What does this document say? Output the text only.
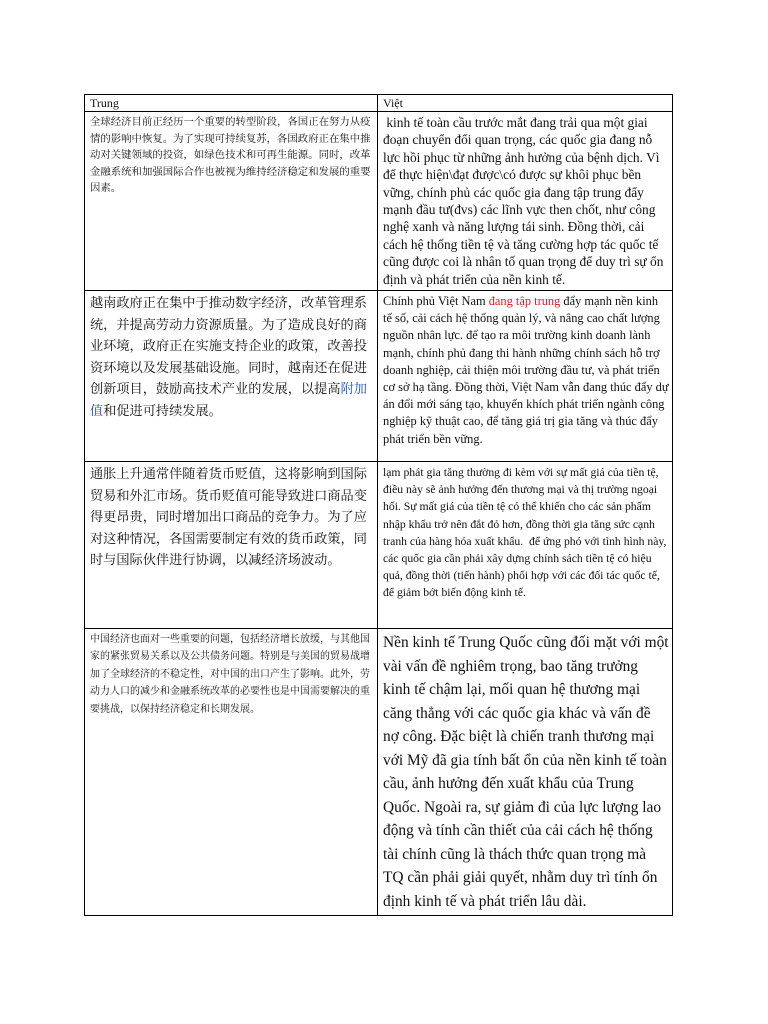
Trung	Việt
全球经济目前正经历一个重要的转型阶段，各国正在努力从疫情的影响中恢复。为了实现可持续复苏，各国政府正在集中推动对关键领域的投资，如绿色技术和可再生能源。同时，改革金融系统和加强国际合作也被视为维持经济稳定和发展的重要因素。	kinh tế toàn cầu trước mắt đang trải qua một giai đoạn chuyển đổi quan trọng, các quốc gia đang nỗ lực hồi phục từ những ảnh hưởng của bệnh dịch. Vì để thực hiện\đạt được\có được sự khôi phục bền vững, chính phủ các quốc gia đang tập trung đẩy mạnh đầu tư(đvs) các lĩnh vực then chốt, như công nghệ xanh và năng lượng tái sinh. Đồng thời, cải cách hệ thống tiền tệ và tăng cường hợp tác quốc tế cũng được coi là nhân tố quan trọng để duy trì sự ổn định và phát triển của nền kinh tế.
越南政府正在集中于推动数字经济，改革管理系统，并提高劳动力资源质量。为了造成良好的商业环境，政府正在实施支持企业的政策，改善投资环境以及发展基础设施。同时，越南还在促进创新项目，鼓励高技术产业的发展，以提高附加值和促进可持续发展。	Chính phủ Việt Nam đang tập trung đẩy mạnh nền kinh tế số, cải cách hệ thống quản lý, và nâng cao chất lượng nguồn nhân lực. để tạo ra môi trường kinh doanh lành mạnh, chính phủ đang thi hành những chính sách hỗ trợ doanh nghiệp, cải thiện môi trường đầu tư, và phát triển cơ sở hạ tầng. Đồng thời, Việt Nam vẫn đang thúc đẩy dự án đổi mới sáng tạo, khuyến khích phát triển ngành công nghiệp kỹ thuật cao, để tăng giá trị gia tăng và thúc đẩy phát triển bền vững.
通胀上升通常伴随着货币贬值，这将影响到国际贸易和外汇市场。货币贬值可能导致进口商品变得更昂贵，同时增加出口商品的竞争力。为了应对这种情况，各国需要制定有效的货币政策，同时与国际伙伴进行协调，以减经济场波动。	lạm phát gia tăng thường đi kèm với sự mất giá của tiền tệ, điều này sẽ ảnh hưởng đến thương mại và thị trường ngoại hối. Sự mất giá của tiền tệ có thể khiến cho các sản phẩm nhập khẩu trở nên đắt đỏ hơn, đồng thời gia tăng sức cạnh tranh của hàng hóa xuất khẩu.  để ứng phó với tình hình này, các quốc gia cần phải xây dựng chính sách tiền tệ có hiệu quả, đồng thời (tiến hành) phối hợp với các đối tác quốc tế, để giảm bớt biến động kinh tế.
中国经济也面对一些重要的问题，包括经济增长放缓，与其他国家的紧张贸易关系以及公共债务问题。特别是与美国的贸易战增加了全球经济的不稳定性，对中国的出口产生了影响。此外，劳动力人口的减少和金融系统改革的必要性也是中国需要解决的重要挑战，以保持经济稳定和长期发展。	Nền kinh tế Trung Quốc cũng đối mặt với một vài vấn đề nghiêm trọng, bao tăng trưởng kinh tế chậm lại, mối quan hệ thương mại căng thẳng với các quốc gia khác và vấn đề nợ công. Đặc biệt là chiến tranh thương mại với Mỹ đã gia tính bất ổn của nền kinh tế toàn cầu, ảnh hưởng đến xuất khẩu của Trung Quốc. Ngoài ra, sự giảm đi của lực lượng lao động và tính cần thiết của cải cách hệ thống tài chính cũng là thách thức quan trọng mà TQ cần phải giải quyết, nhằm duy trì tính ổn định kinh tế và phát triển lâu dài.
